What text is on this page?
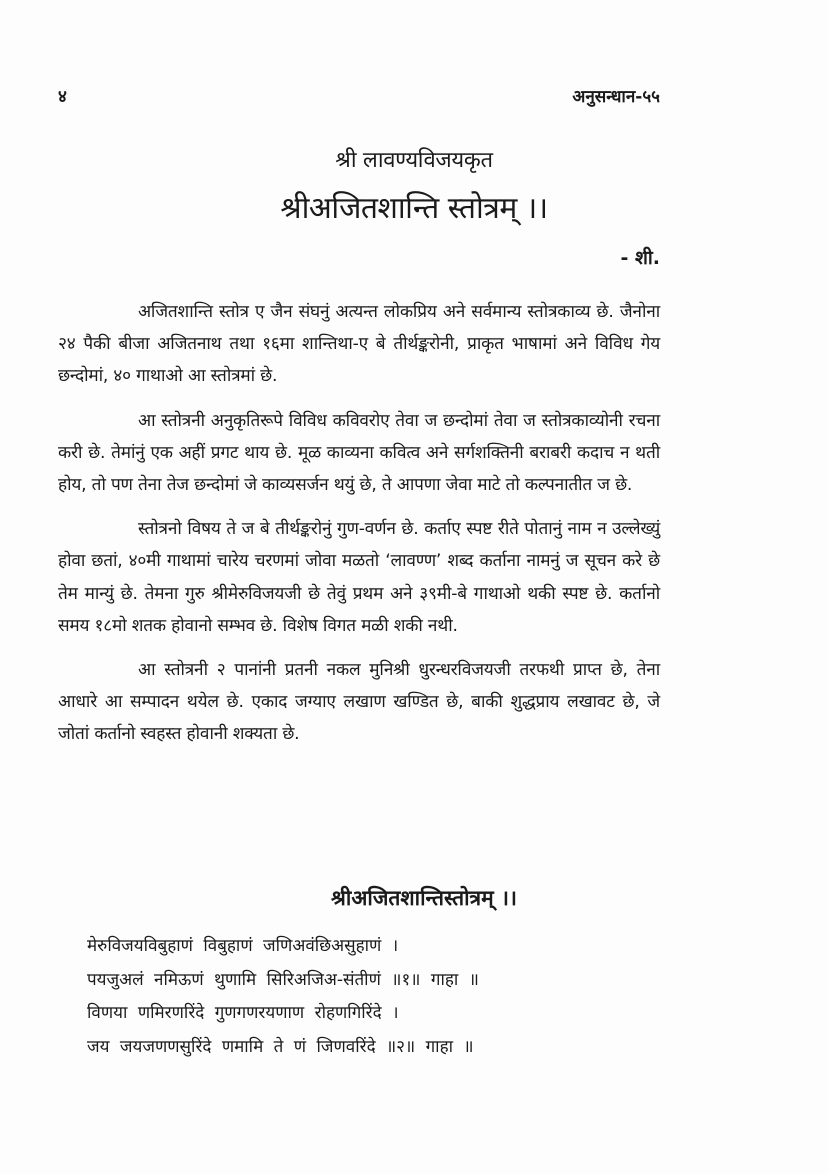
४	अनुसन्धान-५५
श्री लावण्यविजयकृत
श्रीअजितशान्ति स्तोत्रम् ।।
- शी.

अजितशान्ति स्तोत्र ए जैन संघनुं अत्यन्त लोकप्रिय अने सर्वमान्य स्तोत्रकाव्य छे. जैनोना २४ पैकी बीजा अजितनाथ तथा १६मा शान्तिथा-ए बे तीर्थङ्करोनी, प्राकृत भाषामां अने विविध गेय छन्दोमां, ४० गाथाओ आ स्तोत्रमां छे.

आ स्तोत्रनी अनुकृतिरूपे विविध कविवरोए तेवा ज छन्दोमां तेवा ज स्तोत्रकाव्योनी रचना करी छे. तेमांनुं एक अहीं प्रगट थाय छे. मूळ काव्यना कवित्व अने सर्गशक्तिनी बराबरी कदाच न थती होय, तो पण तेना तेज छन्दोमां जे काव्यसर्जन थयुं छे, ते आपणा जेवा माटे तो कल्पनातीत ज छे.

स्तोत्रनो विषय ते ज बे तीर्थङ्करोनुं गुण-वर्णन छे. कर्ताए स्पष्ट रीते पोतानुं नाम न उल्लेख्युं होवा छतां, ४०मी गाथामां चारेय चरणमां जोवा मळतो ‘लावण्ण’ शब्द कर्ताना नामनुं ज सूचन करे छे तेम मान्युं छे. तेमना गुरु श्रीमेरुविजयजी छे तेवुं प्रथम अने ३९मी-बे गाथाओ थकी स्पष्ट छे. कर्तानो समय १८मो शतक होवानो सम्भव छे. विशेष विगत मळी शकी नथी.

आ स्तोत्रनी २ पानांनी प्रतनी नकल मुनिश्री धुरन्धरविजयजी तरफथी प्राप्त छे, तेना आधारे आ सम्पादन थयेल छे. एकाद जग्याए लखाण खण्डित छे, बाकी शुद्धप्राय लखावट छे, जे जोतां कर्तानो स्वहस्त होवानी शक्यता छे.

श्रीअजितशान्तिस्तोत्रम् ।।
मेरुविजयविबुहाणं विबुहाणं जणिअवंछिअसुहाणं ।
पयजुअलं नमिऊणं थुणामि सिरिअजिअ-संतीणं ॥१॥ गाहा ॥
विणया णमिरणरिंदे गुणगणरयणाण रोहणगिरिंदे ।
जय जयजणणसुरिंदे णमामि ते णं जिणवरिंदे ॥२॥ गाहा ॥
